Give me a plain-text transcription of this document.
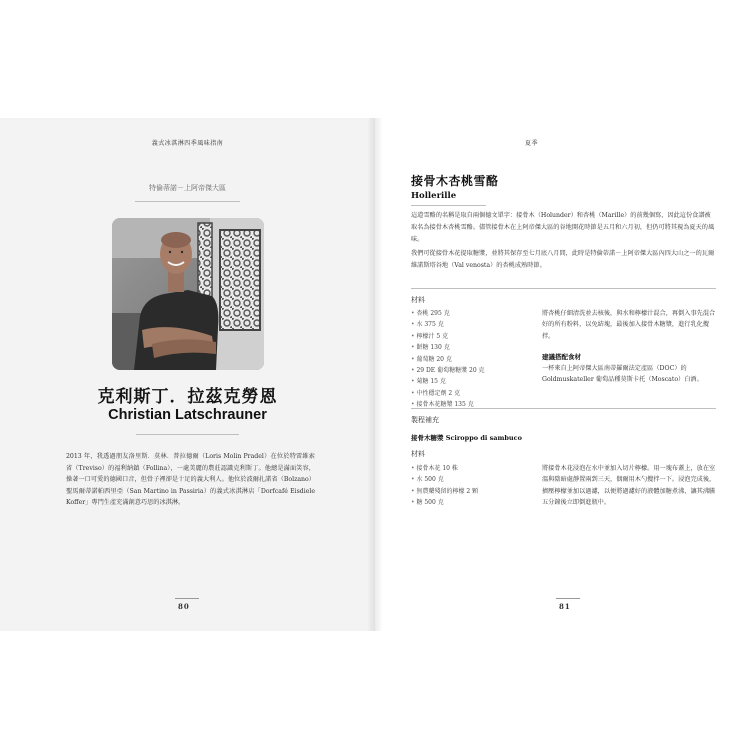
義式冰淇淋四季風味指南
特倫蒂諾－上阿帝傑大區
克利斯丁．拉茲克勞恩
Christian Latschrauner
2013 年，我透過朋友洛里斯．莫林．普拉德爾（Loris Molin Pradel）在位於特雷維索省（Treviso）的福利納鎮（Follina），一處美麗的農莊認識克利斯丁。他總是滿面笑容，操著一口可愛的德國口音，但骨子裡卻是十足的義大利人。他位於波爾扎諾省（Bolzano）聖馬爾蒂諾帕西里亞（San Martino in Passiria）的義式冰淇淋店「Dorfcafé Eisdiele Koffer」專門生產充滿創意巧思的冰淇淋。
80
夏季
接骨木杏桃雪酪
Hollerille
這道雪酪的名稱是取自兩個德文單字：接骨木（Holunder）和杏桃（Marille）的前幾個寫，因此這份食譜被取名為接骨木杏桃雪酪。儘管接骨木在上阿帝傑大區的谷地開花時節是五月和六月初，但仍可將其視為夏天的風味。
我們可從接骨木花提取糖漿，並將其保存至七月底八月間，此時是特倫蒂諾－上阿帝傑大區內四大山之一的瓦爾維諾斯塔谷地（Val venosta）的杏桃成熟時節。
材料
• 杏桃 295 克
• 水 375 克
• 檸檬汁 5 克
• 餅糖 130 克
• 葡萄糖 20 克
• 29 DE 葡萄糖糖漿 20 克
• 菊糖 15 克
• 中性穩定劑 2 克
• 接骨木花糖漿 135 克
將杏桃仔細清洗並去核後，與水和檸檬汁混合，再倒入事先混合好的所有粉料，以免結塊，最後加入接骨木糖漿，進行乳化攪拌。
建議搭配食材
一杯來自上阿帝傑大區南蒂羅爾法定產區（DOC）的 Goldmuskateller 葡萄品種莫斯卡托（Moscato）白酒。
製程補充
接骨木糖漿 Sciroppo di sambuco
材料
• 接骨木花 10 株
• 水 500 克
• 無農藥殘留的檸檬 2 顆
• 糖 500 克
將接骨木花浸泡在水中並加入切片檸檬。用一塊布蓋上，放在室溫與陰暗處靜置兩到三天，偶爾用木勺攪拌一下。浸泡完成後，擠壓檸檬並加以過濾，以便將過濾好的液體加糖煮沸，讓其沸騰五分鐘後立即倒進瓶中。
81
